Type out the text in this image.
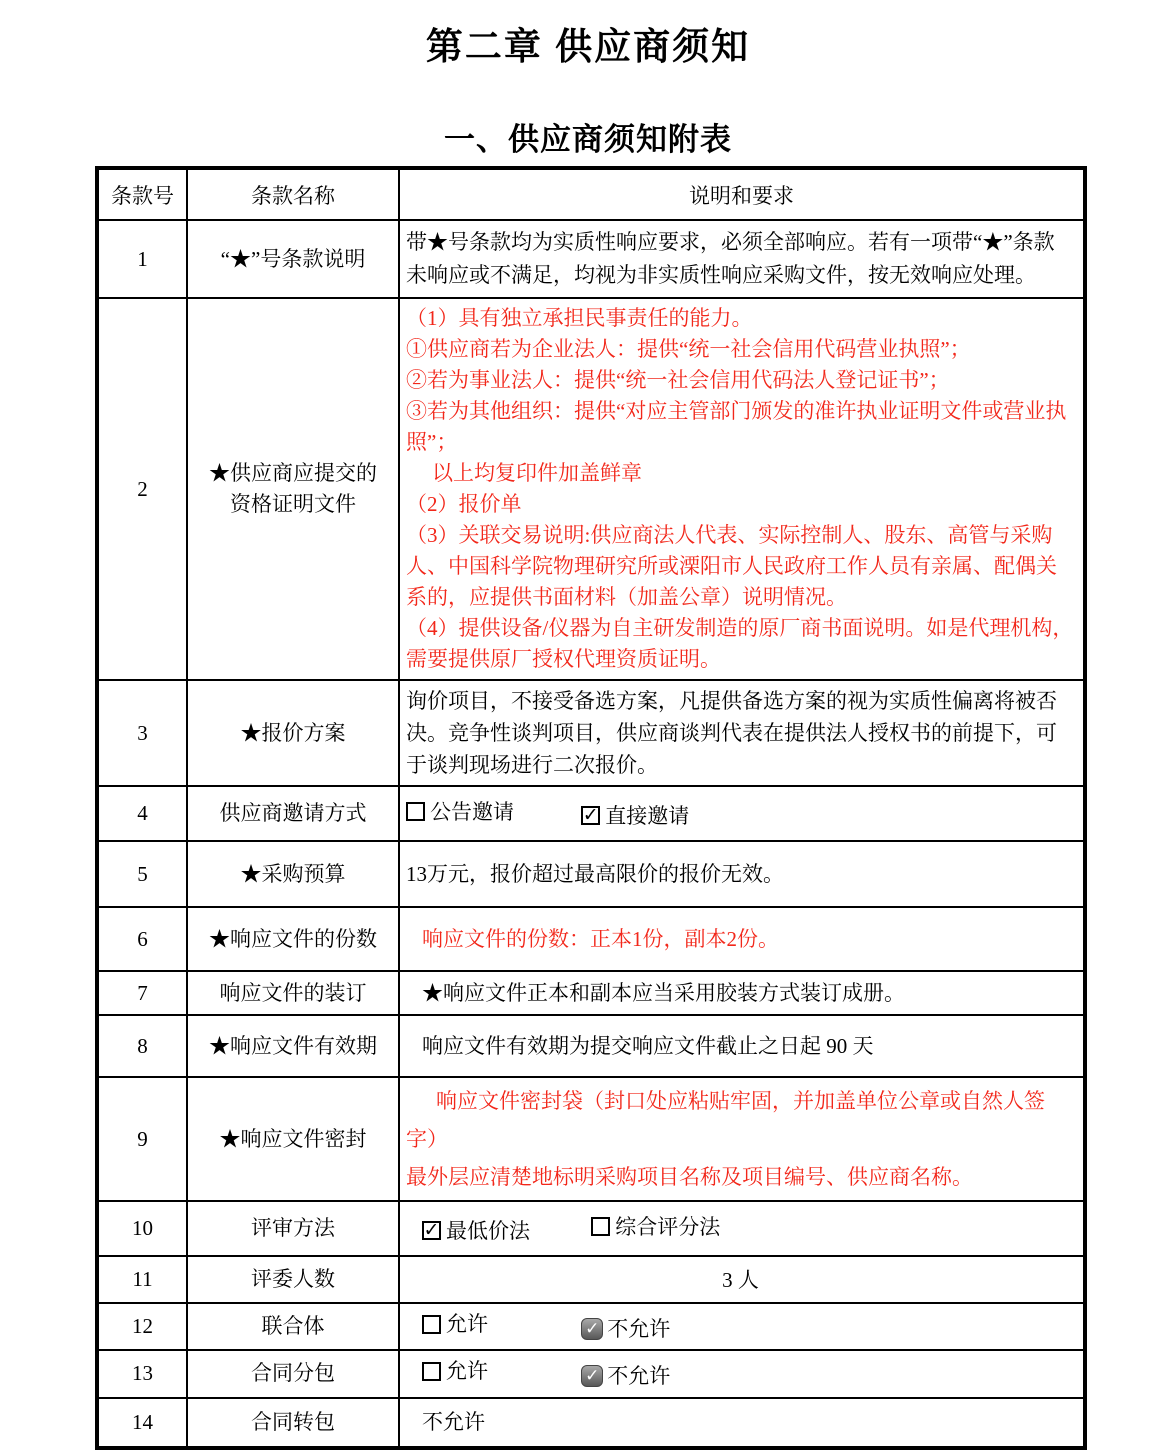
第二章 供应商须知
一、供应商须知附表
条款号	条款名称	说明和要求
1	“★”号条款说明	带★号条款均为实质性响应要求，必须全部响应。若有一项带“★”条款未响应或不满足，均视为非实质性响应采购文件，按无效响应处理。

2	★供应商应提交的资格证明文件	

（1）具有独立承担民事责任的能力。

①供应商若为企业法人：提供“统一社会信用代码营业执照”；

②若为事业法人：提供“统一社会信用代码法人登记证书”；

③若为其他组织：提供“对应主管部门颁发的准许执业证明文件或营业执照”；

以上均复印件加盖鲜章

（2）报价单

（3）关联交易说明:供应商法人代表、实际控制人、股东、高管与采购人、中国科学院物理研究所或溧阳市人民政府工作人员有亲属、配偶关系的，应提供书面材料（加盖公章）说明情况。

（4）提供设备/仪器为自主研发制造的原厂商书面说明。如是代理机构，需要提供原厂授权代理资质证明。

3	★报价方案	询价项目，不接受备选方案，凡提供备选方案的视为实质性偏离将被否决。竞争性谈判项目，供应商谈判代表在提供法人授权书的前提下，可于谈判现场进行二次报价。

4	供应商邀请方式	公告邀请
✓ 直接邀请

5	★采购预算	13万元，报价超过最高限价的报价无效。

6	★响应文件的份数	响应文件的份数：正本1份，副本2份。

7	响应文件的装订	★响应文件正本和副本应当采用胶装方式装订成册。

8	★响应文件有效期	响应文件有效期为提交响应文件截止之日起 90 天

9	★响应文件密封	响应文件密封袋（封口处应粘贴牢固，并加盖单位公章或自然人签字）

最外层应清楚地标明采购项目名称及项目编号、供应商名称。

10	评审方法	✓ 最低价法
综合评分法

11	评委人数	3 人

12	联合体	允许
✓ 不允许

13	合同分包	允许
✓ 不允许

14	合同转包	不允许
